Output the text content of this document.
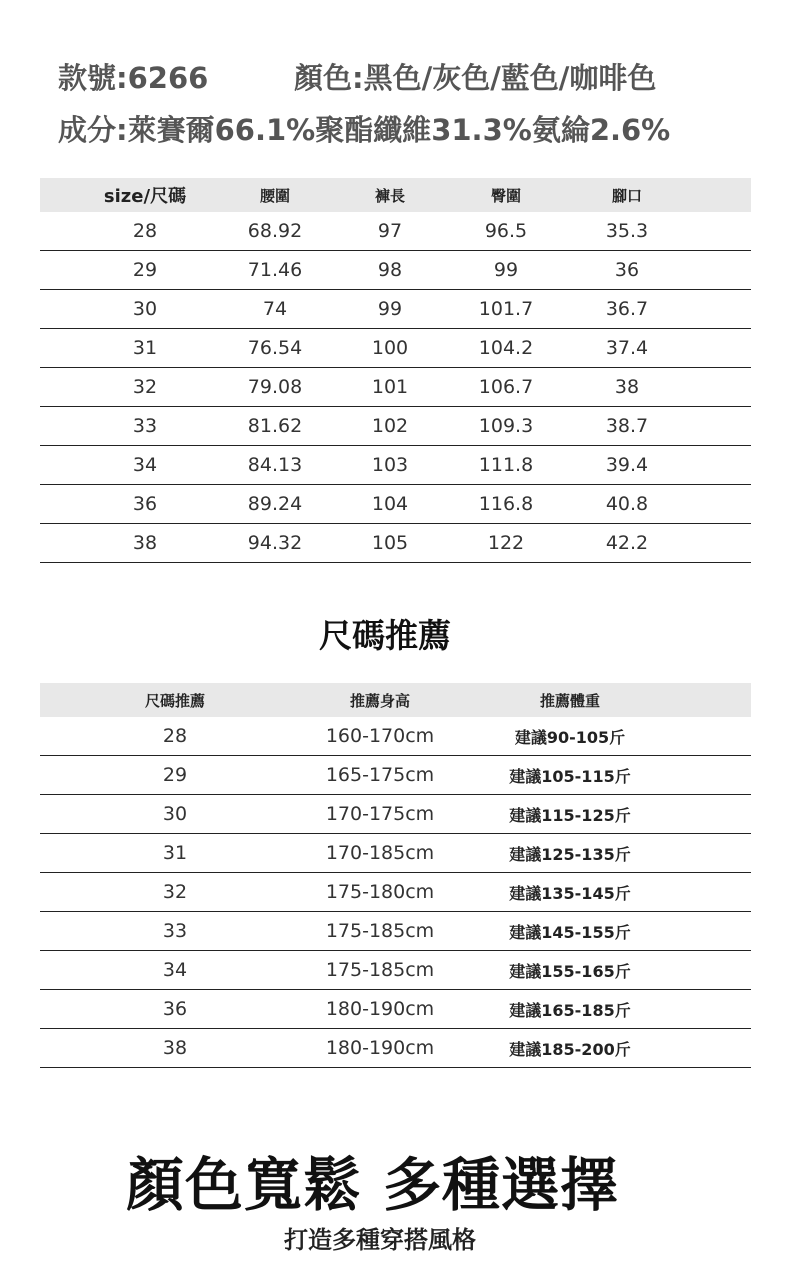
款號:6266	顏色:黑色/灰色/藍色/咖啡色
成分:萊賽爾66.1%聚酯纖維31.3%氨綸2.6%
size/尺碼	腰圍	褲長	臀圍	腳口
28	68.92	97	96.5	35.3
29	71.46	98	99	36
30	74	99	101.7	36.7
31	76.54	100	104.2	37.4
32	79.08	101	106.7	38
33	81.62	102	109.3	38.7
34	84.13	103	111.8	39.4
36	89.24	104	116.8	40.8
38	94.32	105	122	42.2
尺碼推薦
尺碼推薦	推薦身高	推薦體重
28	160-170cm	建議90-105斤
29	165-175cm	建議105-115斤
30	170-175cm	建議115-125斤
31	170-185cm	建議125-135斤
32	175-180cm	建議135-145斤
33	175-185cm	建議145-155斤
34	175-185cm	建議155-165斤
36	180-190cm	建議165-185斤
38	180-190cm	建議185-200斤
顏色寬鬆 多種選擇
打造多種穿搭風格
